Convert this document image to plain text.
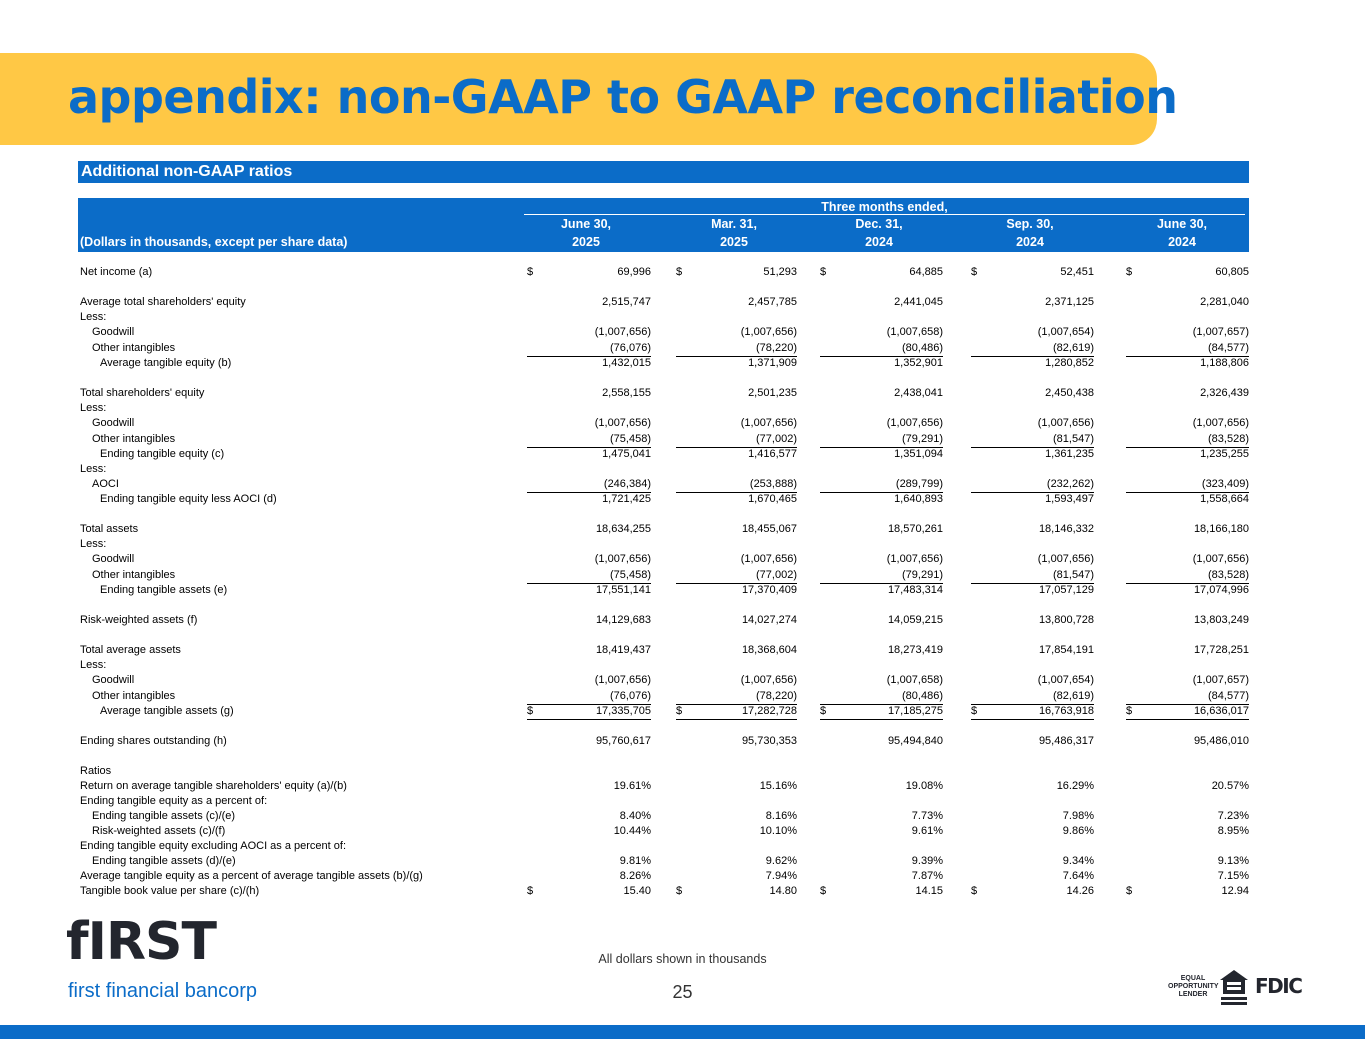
appendix: non-GAAP to GAAP reconciliation
Additional non-GAAP ratios
Three months ended,
(Dollars in thousands, except per share data)
June 30,
2025
Mar. 31,
2025
Dec. 31,
2024
Sep. 30,
2024
June 30,
2024
Net income (a)	$	69,996 $	51,293 $	64,885	$	52,451	$	60,805
Average total shareholders' equity	2,515,747	2,457,785	2,441,045	2,371,125	2,281,040
Less:
Goodwill	(1,007,656)	(1,007,656)	(1,007,658)	(1,007,654)	(1,007,657)
Other intangibles	(76,076)	(78,220)	(80,486)	(82,619)	(84,577)
Average tangible equity (b)	1,432,015	1,371,909	1,352,901	1,280,852	1,188,806
Total shareholders' equity	2,558,155	2,501,235	2,438,041	2,450,438	2,326,439
Less:
Goodwill	(1,007,656)	(1,007,656)	(1,007,656)	(1,007,656)	(1,007,656)
Other intangibles	(75,458)	(77,002)	(79,291)	(81,547)	(83,528)
Ending tangible equity (c)	1,475,041	1,416,577	1,351,094	1,361,235	1,235,255
Less:
AOCI	(246,384)	(253,888)	(289,799)	(232,262)	(323,409)
Ending tangible equity less AOCI (d)	1,721,425	1,670,465	1,640,893	1,593,497	1,558,664
Total assets	18,634,255	18,455,067	18,570,261	18,146,332	18,166,180
Less:
Goodwill	(1,007,656)	(1,007,656)	(1,007,656)	(1,007,656)	(1,007,656)
Other intangibles	(75,458)	(77,002)	(79,291)	(81,547)	(83,528)
Ending tangible assets (e)	17,551,141	17,370,409	17,483,314	17,057,129	17,074,996
Risk-weighted assets (f)	14,129,683	14,027,274	14,059,215	13,800,728	13,803,249
Total average assets	18,419,437	18,368,604	18,273,419	17,854,191	17,728,251
Less:
Goodwill	(1,007,656)	(1,007,656)	(1,007,658)	(1,007,654)	(1,007,657)
Other intangibles	(76,076)	(78,220)	(80,486)	(82,619)	(84,577)
Average tangible assets (g)	$	17,335,705 $	17,282,728 $	17,185,275	$	16,763,918	$	16,636,017
Ending shares outstanding (h)	95,760,617	95,730,353	95,494,840	95,486,317	95,486,010
Ratios
Return on average tangible shareholders' equity (a)/(b)	19.61%	15.16%	19.08%	16.29%	20.57%
Ending tangible equity as a percent of:
Ending tangible assets (c)/(e)	8.40%	8.16%	7.73%	7.98%	7.23%
Risk-weighted assets (c)/(f)	10.44%	10.10%	9.61%	9.86%	8.95%
Ending tangible equity excluding AOCI as a percent of:
Ending tangible assets (d)/(e)	9.81%	9.62%	9.39%	9.34%	9.13%
Average tangible equity as a percent of average tangible assets (b)/(g)	8.26%	7.94%	7.87%	7.64%	7.15%
Tangible book value per share (c)/(h)	$	15.40 $	14.80 $	14.15	$	14.26	$	12.94
fIRST
first financial bancorp
All dollars shown in thousands
25
EQUAL OPPORTUNITY LENDER	FDIC
